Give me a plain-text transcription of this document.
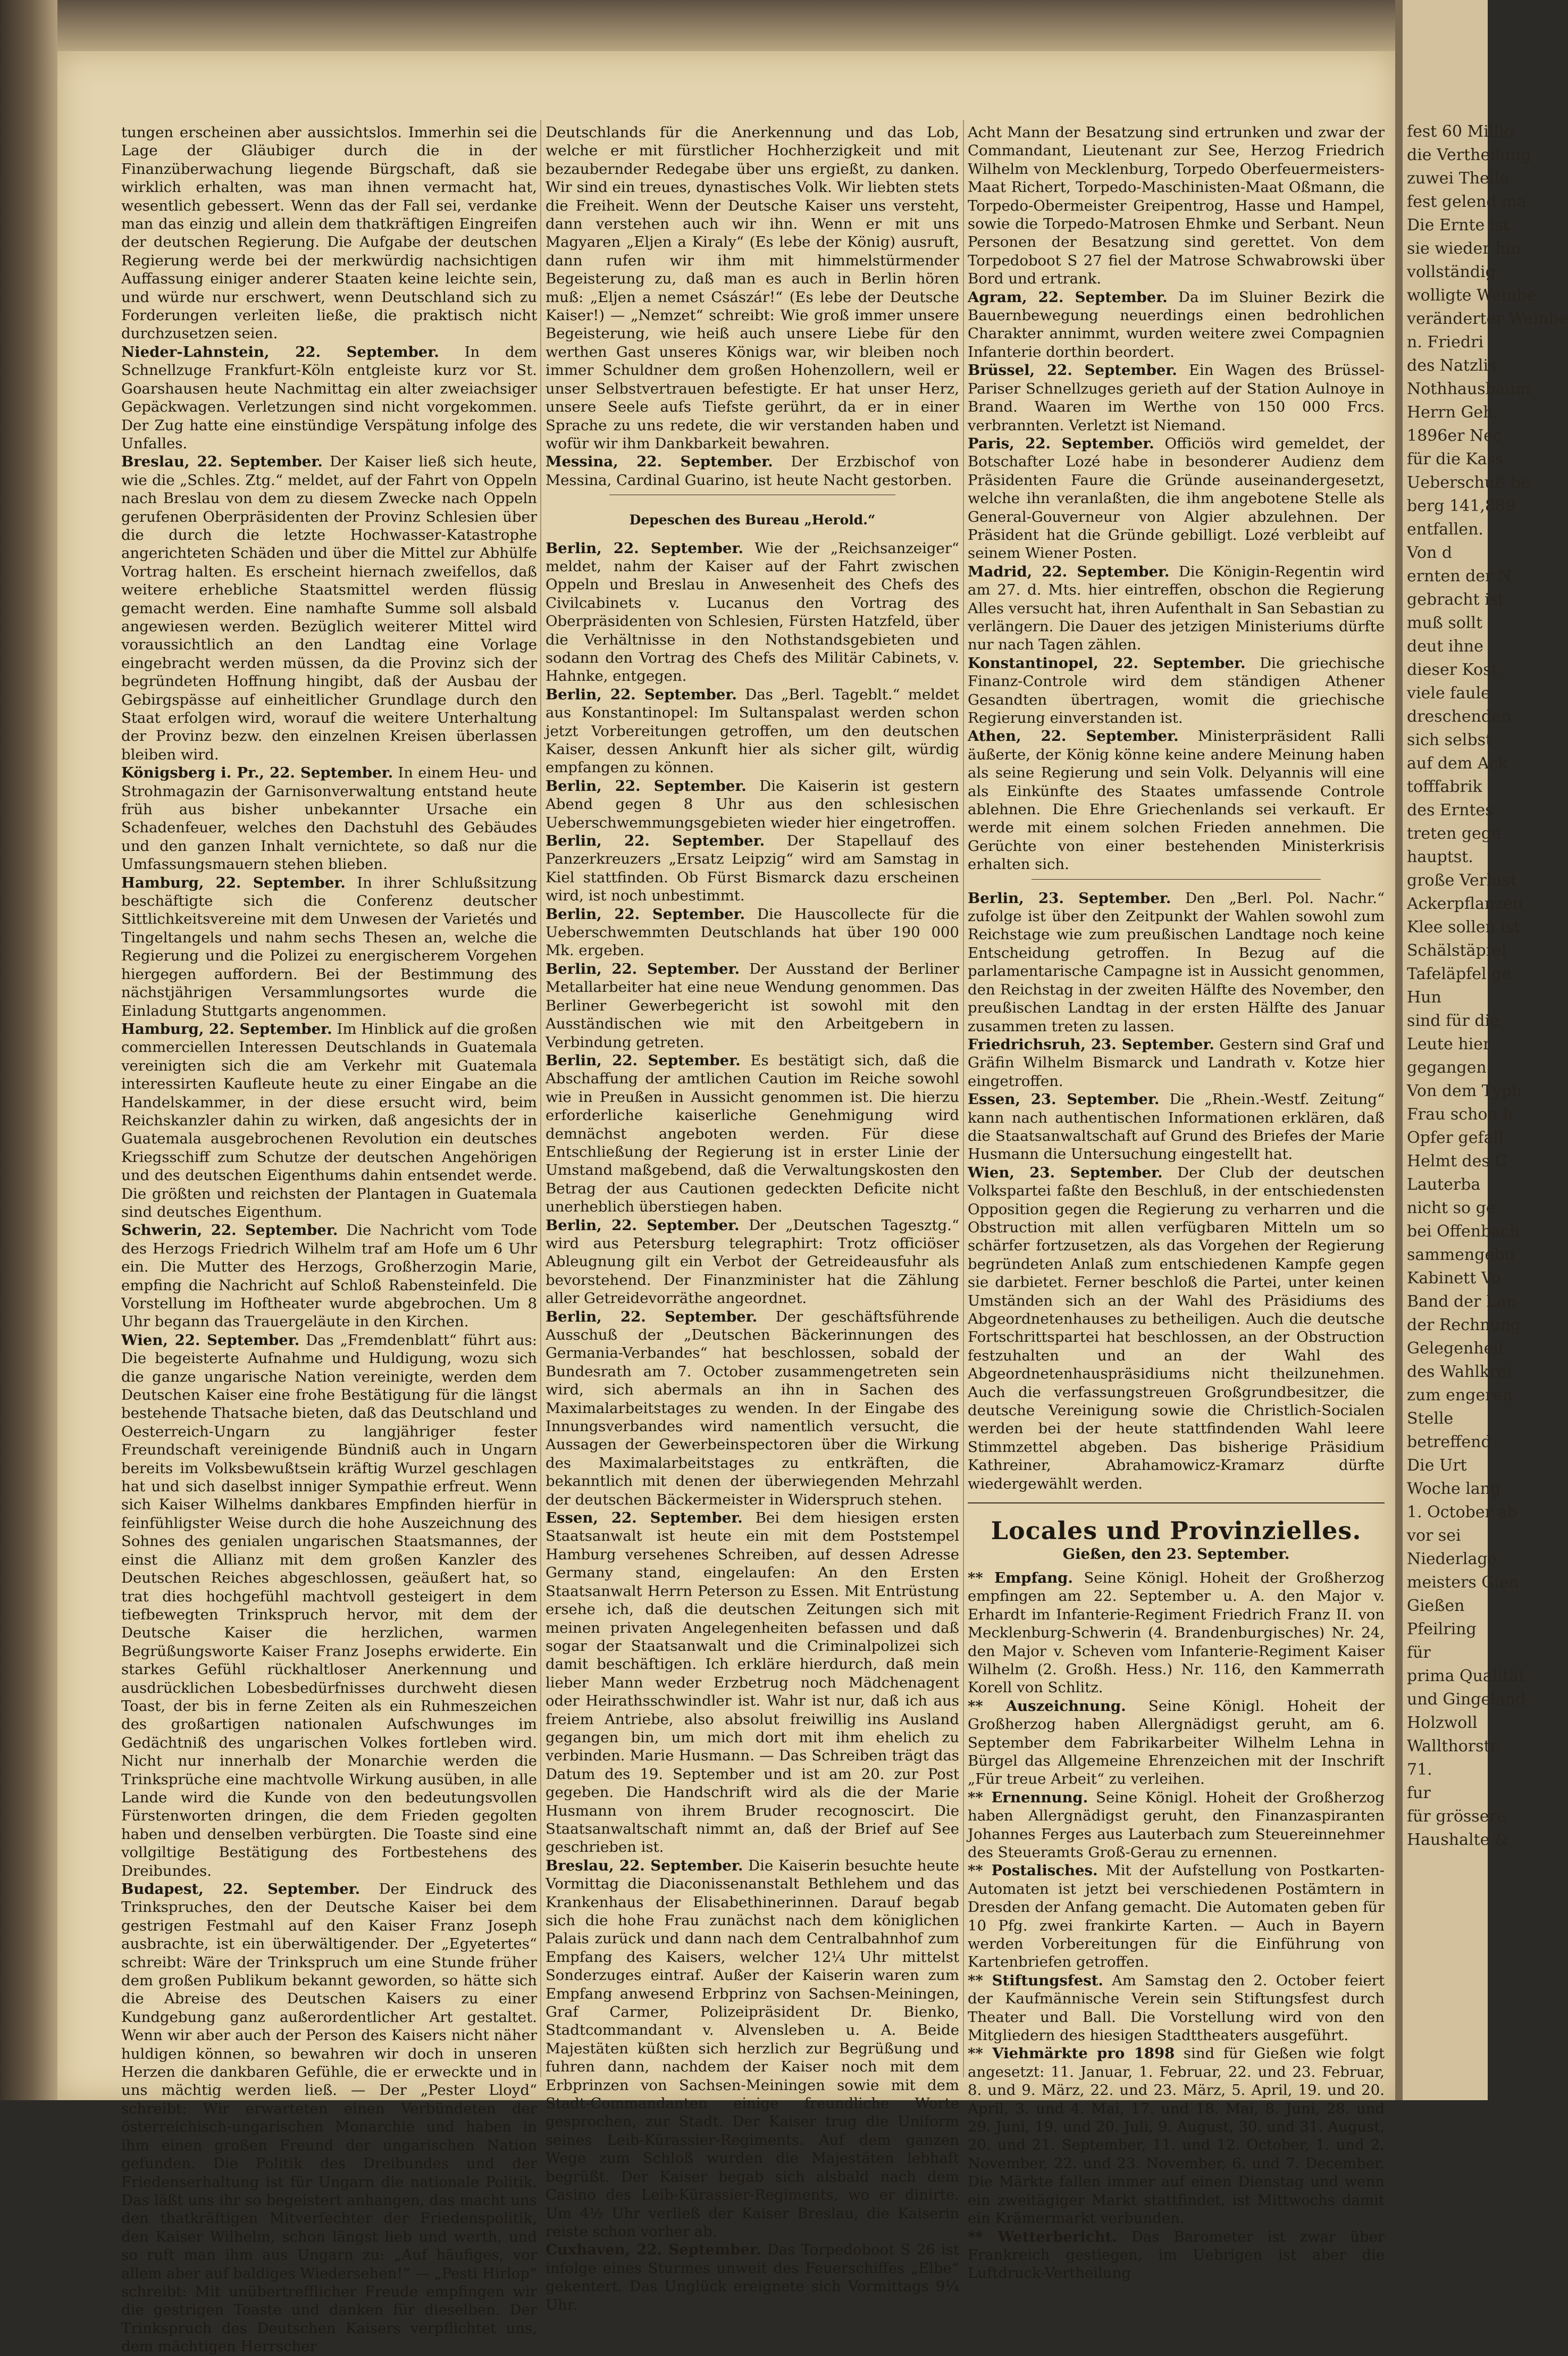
fest 60 Millio
die Vertheilung
zuwei Theile
fest gelend ma
Die Ernte ist
sie wieder hin
vollständig
wolligte Weinbe
veränderter Weinbe
n. Friedri
des Natzlis
Nothhausbaum
Herrn Geh.
1896er Nec
für die Kass
Ueberschuß be
berg 141,889
entfallen.
Von d
ernten der N
gebracht ist
muß sollt
deut ihne
dieser Kost
viele faule
dreschenden
sich selbst
auf dem Ack
tofffabrik
des Erntes
treten gege
hauptst.
große Verlust
Ackerpflanzen
Klee sollen ist
Schälstäpfel
Tafeläpfel ge
Hun
sind für die
Leute hier
gegangen.
Von dem Typh
Frau schon h
Opfer gefall
Helmt des C
Lauterba
nicht so ge
bei Offenbach
sammengebu
Kabinett Vo
Band der Lan
der Rechnung
Gelegenheit
des Wahlkrei
zum engeren
Stelle
betreffend
Die Urt
Woche lang
1. October ab
vor sei
Niederlage
meisters Gien
Gießen
Pfeilring
für
prima Qualität
und Gingeland
Holzwoll
Wallthorstr.
71.
fur
für grössere
Haushalte &

tungen erscheinen aber aussichtslos. Immerhin sei die Lage der Gläubiger durch die in der Finanzüberwachung liegende Bürgschaft, daß sie wirklich erhalten, was man ihnen vermacht hat, wesentlich gebessert. Wenn das der Fall sei, verdanke man das einzig und allein dem thatkräftigen Eingreifen der deutschen Regierung. Die Aufgabe der deutschen Regierung werde bei der merkwürdig nachsichtigen Auffassung einiger anderer Staaten keine leichte sein, und würde nur erschwert, wenn Deutschland sich zu Forderungen verleiten ließe, die praktisch nicht durchzusetzen seien.

Nieder-Lahnstein, 22. September. In dem Schnellzuge Frankfurt-Köln entgleiste kurz vor St. Goarshausen heute Nachmittag ein alter zweiachsiger Gepäckwagen. Verletzungen sind nicht vorgekommen. Der Zug hatte eine einstündige Verspätung infolge des Unfalles.

Breslau, 22. September. Der Kaiser ließ sich heute, wie die „Schles. Ztg.“ meldet, auf der Fahrt von Oppeln nach Breslau von dem zu diesem Zwecke nach Oppeln gerufenen Oberpräsidenten der Provinz Schlesien über die durch die letzte Hochwasser-Katastrophe angerichteten Schäden und über die Mittel zur Abhülfe Vortrag halten. Es erscheint hiernach zweifellos, daß weitere erhebliche Staatsmittel werden flüssig gemacht werden. Eine namhafte Summe soll alsbald angewiesen werden. Bezüglich weiterer Mittel wird voraussichtlich an den Landtag eine Vorlage eingebracht werden müssen, da die Provinz sich der begründeten Hoffnung hingibt, daß der Ausbau der Gebirgspässe auf einheitlicher Grundlage durch den Staat erfolgen wird, worauf die weitere Unterhaltung der Provinz bezw. den einzelnen Kreisen überlassen bleiben wird.

Königsberg i. Pr., 22. September. In einem Heu- und Strohmagazin der Garnisonverwaltung entstand heute früh aus bisher unbekannter Ursache ein Schadenfeuer, welches den Dachstuhl des Gebäudes und den ganzen Inhalt vernichtete, so daß nur die Umfassungsmauern stehen blieben.

Hamburg, 22. September. In ihrer Schlußsitzung beschäftigte sich die Conferenz deutscher Sittlichkeitsvereine mit dem Unwesen der Varietés und Tingeltangels und nahm sechs Thesen an, welche die Regierung und die Polizei zu energischerem Vorgehen hiergegen auffordern. Bei der Bestimmung des nächstjährigen Versammlungsortes wurde die Einladung Stuttgarts angenommen.

Hamburg, 22. September. Im Hinblick auf die großen commerciellen Interessen Deutschlands in Guatemala vereinigten sich die am Verkehr mit Guatemala interessirten Kaufleute heute zu einer Eingabe an die Handelskammer, in der diese ersucht wird, beim Reichskanzler dahin zu wirken, daß angesichts der in Guatemala ausgebrochenen Revolution ein deutsches Kriegsschiff zum Schutze der deutschen Angehörigen und des deutschen Eigenthums dahin entsendet werde. Die größten und reichsten der Plantagen in Guatemala sind deutsches Eigenthum.

Schwerin, 22. September. Die Nachricht vom Tode des Herzogs Friedrich Wilhelm traf am Hofe um 6 Uhr ein. Die Mutter des Herzogs, Großherzogin Marie, empfing die Nachricht auf Schloß Rabensteinfeld. Die Vorstellung im Hoftheater wurde abgebrochen. Um 8 Uhr begann das Trauergeläute in den Kirchen.

Wien, 22. September. Das „Fremdenblatt“ führt aus: Die begeisterte Aufnahme und Huldigung, wozu sich die ganze ungarische Nation vereinigte, werden dem Deutschen Kaiser eine frohe Bestätigung für die längst bestehende Thatsache bieten, daß das Deutschland und Oesterreich-Ungarn zu langjähriger fester Freundschaft vereinigende Bündniß auch in Ungarn bereits im Volksbewußtsein kräftig Wurzel geschlagen hat und sich daselbst inniger Sympathie erfreut. Wenn sich Kaiser Wilhelms dankbares Empfinden hierfür in feinfühligster Weise durch die hohe Auszeichnung des Sohnes des genialen ungarischen Staatsmannes, der einst die Allianz mit dem großen Kanzler des Deutschen Reiches abgeschlossen, geäußert hat, so trat dies hochgefühl machtvoll gesteigert in dem tiefbewegten Trinkspruch hervor, mit dem der Deutsche Kaiser die herzlichen, warmen Begrüßungsworte Kaiser Franz Josephs erwiderte. Ein starkes Gefühl rückhaltloser Anerkennung und ausdrücklichen Lobesbedürfnisses durchweht diesen Toast, der bis in ferne Zeiten als ein Ruhmeszeichen des großartigen nationalen Aufschwunges im Gedächtniß des ungarischen Volkes fortleben wird. Nicht nur innerhalb der Monarchie werden die Trinksprüche eine machtvolle Wirkung ausüben, in alle Lande wird die Kunde von den bedeutungsvollen Fürstenworten dringen, die dem Frieden gegolten haben und denselben verbürgten. Die Toaste sind eine vollgiltige Bestätigung des Fortbestehens des Dreibundes.

Budapest, 22. September. Der Eindruck des Trinkspruches, den der Deutsche Kaiser bei dem gestrigen Festmahl auf den Kaiser Franz Joseph ausbrachte, ist ein überwältigender. Der „Egyetertes“ schreibt: Wäre der Trinkspruch um eine Stunde früher dem großen Publikum bekannt geworden, so hätte sich die Abreise des Deutschen Kaisers zu einer Kundgebung ganz außerordentlicher Art gestaltet. Wenn wir aber auch der Person des Kaisers nicht näher huldigen können, so bewahren wir doch in unseren Herzen die dankbaren Gefühle, die er erweckte und in uns mächtig werden ließ. — Der „Pester Lloyd“ schreibt: Wir erwarteten einen Verbündeten der österreichisch-ungarischen Monarchie und haben in ihm einen großen Freund der ungarischen Nation gefunden. Die Politik des Dreibundes und der Friedenserhaltung ist für Ungarn die nationale Politik. Das läßt uns ihr so begeistert anhangen, das macht uns den thatkräftigen Mitverfechter der Friedenspolitik, den Kaiser Wilhelm, schon längst lieb und werth, und so ruft man ihm aus Ungarn zu: „Auf häufiges, vor allem aber auf baldiges Wiedersehen!“ — „Pesti Hirlop“ schreibt: Mit unübertrefflicher Freude empfingen wir die gestrigen Toaste und danken für dieselben. Der Trinkspruch des Deutschen Kaisers verpflichtet uns, dem mächtigen Herrscher

Deutschlands für die Anerkennung und das Lob, welche er mit fürstlicher Hochherzigkeit und mit bezaubernder Redegabe über uns ergießt, zu danken. Wir sind ein treues, dynastisches Volk. Wir liebten stets die Freiheit. Wenn der Deutsche Kaiser uns versteht, dann verstehen auch wir ihn. Wenn er mit uns Magyaren „Eljen a Kiraly“ (Es lebe der König) ausruft, dann rufen wir ihm mit himmelstürmender Begeisterung zu, daß man es auch in Berlin hören muß: „Eljen a nemet Császár!“ (Es lebe der Deutsche Kaiser!) — „Nemzet“ schreibt: Wie groß immer unsere Begeisterung, wie heiß auch unsere Liebe für den werthen Gast unseres Königs war, wir bleiben noch immer Schuldner dem großen Hohenzollern, weil er unser Selbstvertrauen befestigte. Er hat unser Herz, unsere Seele aufs Tiefste gerührt, da er in einer Sprache zu uns redete, die wir verstanden haben und wofür wir ihm Dankbarkeit bewahren.

Messina, 22. September. Der Erzbischof von Messina, Cardinal Guarino, ist heute Nacht gestorben.

Depeschen des Bureau „Herold.“

Berlin, 22. September. Wie der „Reichsanzeiger“ meldet, nahm der Kaiser auf der Fahrt zwischen Oppeln und Breslau in Anwesenheit des Chefs des Civilcabinets v. Lucanus den Vortrag des Oberpräsidenten von Schlesien, Fürsten Hatzfeld, über die Verhältnisse in den Nothstandsgebieten und sodann den Vortrag des Chefs des Militär Cabinets, v. Hahnke, entgegen.

Berlin, 22. September. Das „Berl. Tageblt.“ meldet aus Konstantinopel: Im Sultanspalast werden schon jetzt Vorbereitungen getroffen, um den deutschen Kaiser, dessen Ankunft hier als sicher gilt, würdig empfangen zu können.

Berlin, 22. September. Die Kaiserin ist gestern Abend gegen 8 Uhr aus den schlesischen Ueberschwemmungsgebieten wieder hier eingetroffen.

Berlin, 22. September. Der Stapellauf des Panzerkreuzers „Ersatz Leipzig“ wird am Samstag in Kiel stattfinden. Ob Fürst Bismarck dazu erscheinen wird, ist noch unbestimmt.

Berlin, 22. September. Die Hauscollecte für die Ueberschwemmten Deutschlands hat über 190 000 Mk. ergeben.

Berlin, 22. September. Der Ausstand der Berliner Metallarbeiter hat eine neue Wendung genommen. Das Berliner Gewerbegericht ist sowohl mit den Ausständischen wie mit den Arbeitgebern in Verbindung getreten.

Berlin, 22. September. Es bestätigt sich, daß die Abschaffung der amtlichen Caution im Reiche sowohl wie in Preußen in Aussicht genommen ist. Die hierzu erforderliche kaiserliche Genehmigung wird demnächst angeboten werden. Für diese Entschließung der Regierung ist in erster Linie der Umstand maßgebend, daß die Verwaltungskosten den Betrag der aus Cautionen gedeckten Deficite nicht unerheblich überstiegen haben.

Berlin, 22. September. Der „Deutschen Tagesztg.“ wird aus Petersburg telegraphirt: Trotz officiöser Ableugnung gilt ein Verbot der Getreideausfuhr als bevorstehend. Der Finanzminister hat die Zählung aller Getreidevorräthe angeordnet.

Berlin, 22. September. Der geschäftsführende Ausschuß der „Deutschen Bäckerinnungen des Germania-Verbandes“ hat beschlossen, sobald der Bundesrath am 7. October zusammengetreten sein wird, sich abermals an ihn in Sachen des Maximalarbeitstages zu wenden. In der Eingabe des Innungsverbandes wird namentlich versucht, die Aussagen der Gewerbeinspectoren über die Wirkung des Maximalarbeitstages zu entkräften, die bekanntlich mit denen der überwiegenden Mehrzahl der deutschen Bäckermeister in Widerspruch stehen.

Essen, 22. September. Bei dem hiesigen ersten Staatsanwalt ist heute ein mit dem Poststempel Hamburg versehenes Schreiben, auf dessen Adresse Germany stand, eingelaufen: An den Ersten Staatsanwalt Herrn Peterson zu Essen. Mit Entrüstung ersehe ich, daß die deutschen Zeitungen sich mit meinen privaten Angelegenheiten befassen und daß sogar der Staatsanwalt und die Criminalpolizei sich damit beschäftigen. Ich erkläre hierdurch, daß mein lieber Mann weder Erzbetrug noch Mädchenagent oder Heirathsschwindler ist. Wahr ist nur, daß ich aus freiem Antriebe, also absolut freiwillig ins Ausland gegangen bin, um mich dort mit ihm ehelich zu verbinden. Marie Husmann. — Das Schreiben trägt das Datum des 19. September und ist am 20. zur Post gegeben. Die Handschrift wird als die der Marie Husmann von ihrem Bruder recognoscirt. Die Staatsanwaltschaft nimmt an, daß der Brief auf See geschrieben ist.

Breslau, 22. September. Die Kaiserin besuchte heute Vormittag die Diaconissenanstalt Bethlehem und das Krankenhaus der Elisabethinerinnen. Darauf begab sich die hohe Frau zunächst nach dem königlichen Palais zurück und dann nach dem Centralbahnhof zum Empfang des Kaisers, welcher 12¼ Uhr mittelst Sonderzuges eintraf. Außer der Kaiserin waren zum Empfang anwesend Erbprinz von Sachsen-Meiningen, Graf Carmer, Polizeipräsident Dr. Bienko, Stadtcommandant v. Alvensleben u. A. Beide Majestäten küßten sich herzlich zur Begrüßung und fuhren dann, nachdem der Kaiser noch mit dem Erbprinzen von Sachsen-Meiningen sowie mit dem Stadt-Commandanten einige freundliche Worte gesprochen, zur Stadt. Der Kaiser trug die Uniform seines Leib-Kürassier-Regiments. Auf dem ganzen Wege zum Schloß wurden die Majestäten lebhaft begrüßt. Der Kaiser begab sich alsbald nach dem Casino des Leib-Kürassier-Regiments, wo er dinirte. Um 4½ Uhr verließ der Kaiser Breslau, die Kaiserin reiste schon vorher ab.

Cuxhaven, 22. September. Das Torpedoboot S 26 ist infolge eines Sturmes unweit des Feuerschiffes „Elbe“ gekentert. Das Unglück ereignete sich Vormittags 9¼ Uhr.

Acht Mann der Besatzung sind ertrunken und zwar der Commandant, Lieutenant zur See, Herzog Friedrich Wilhelm von Mecklenburg, Torpedo Oberfeuermeisters-Maat Richert, Torpedo-Maschinisten-Maat Oßmann, die Torpedo-Obermeister Greipentrog, Hasse und Hampel, sowie die Torpedo-Matrosen Ehmke und Serbant. Neun Personen der Besatzung sind gerettet. Von dem Torpedoboot S 27 fiel der Matrose Schwabrowski über Bord und ertrank.

Agram, 22. September. Da im Sluiner Bezirk die Bauernbewegung neuerdings einen bedrohlichen Charakter annimmt, wurden weitere zwei Compagnien Infanterie dorthin beordert.

Brüssel, 22. September. Ein Wagen des Brüssel-Pariser Schnellzuges gerieth auf der Station Aulnoye in Brand. Waaren im Werthe von 150 000 Frcs. verbrannten. Verletzt ist Niemand.

Paris, 22. September. Officiös wird gemeldet, der Botschafter Lozé habe in besonderer Audienz dem Präsidenten Faure die Gründe auseinandergesetzt, welche ihn veranlaßten, die ihm angebotene Stelle als General-Gouverneur von Algier abzulehnen. Der Präsident hat die Gründe gebilligt. Lozé verbleibt auf seinem Wiener Posten.

Madrid, 22. September. Die Königin-Regentin wird am 27. d. Mts. hier eintreffen, obschon die Regierung Alles versucht hat, ihren Aufenthalt in San Sebastian zu verlängern. Die Dauer des jetzigen Ministeriums dürfte nur nach Tagen zählen.

Konstantinopel, 22. September. Die griechische Finanz-Controle wird dem ständigen Athener Gesandten übertragen, womit die griechische Regierung einverstanden ist.

Athen, 22. September. Ministerpräsident Ralli äußerte, der König könne keine andere Meinung haben als seine Regierung und sein Volk. Delyannis will eine als Einkünfte des Staates umfassende Controle ablehnen. Die Ehre Griechenlands sei verkauft. Er werde mit einem solchen Frieden annehmen. Die Gerüchte von einer bestehenden Ministerkrisis erhalten sich.

Berlin, 23. September. Den „Berl. Pol. Nachr.“ zufolge ist über den Zeitpunkt der Wahlen sowohl zum Reichstage wie zum preußischen Landtage noch keine Entscheidung getroffen. In Bezug auf die parlamentarische Campagne ist in Aussicht genommen, den Reichstag in der zweiten Hälfte des November, den preußischen Landtag in der ersten Hälfte des Januar zusammen treten zu lassen.

Friedrichsruh, 23. September. Gestern sind Graf und Gräfin Wilhelm Bismarck und Landrath v. Kotze hier eingetroffen.

Essen, 23. September. Die „Rhein.-Westf. Zeitung“ kann nach authentischen Informationen erklären, daß die Staatsanwaltschaft auf Grund des Briefes der Marie Husmann die Untersuchung eingestellt hat.

Wien, 23. September. Der Club der deutschen Volkspartei faßte den Beschluß, in der entschiedensten Opposition gegen die Regierung zu verharren und die Obstruction mit allen verfügbaren Mitteln um so schärfer fortzusetzen, als das Vorgehen der Regierung begründeten Anlaß zum entschiedenen Kampfe gegen sie darbietet. Ferner beschloß die Partei, unter keinen Umständen sich an der Wahl des Präsidiums des Abgeordnetenhauses zu betheiligen. Auch die deutsche Fortschrittspartei hat beschlossen, an der Obstruction festzuhalten und an der Wahl des Abgeordnetenhauspräsidiums nicht theilzunehmen. Auch die verfassungstreuen Großgrundbesitzer, die deutsche Vereinigung sowie die Christlich-Socialen werden bei der heute stattfindenden Wahl leere Stimmzettel abgeben. Das bisherige Präsidium Kathreiner, Abrahamowicz-Kramarz dürfte wiedergewählt werden.

Locales und Provinzielles.
Gießen, den 23. September.

** Empfang. Seine Königl. Hoheit der Großherzog empfingen am 22. September u. A. den Major v. Erhardt im Infanterie-Regiment Friedrich Franz II. von Mecklenburg-Schwerin (4. Brandenburgisches) Nr. 24, den Major v. Scheven vom Infanterie-Regiment Kaiser Wilhelm (2. Großh. Hess.) Nr. 116, den Kammerrath Korell von Schlitz.

** Auszeichnung. Seine Königl. Hoheit der Großherzog haben Allergnädigst geruht, am 6. September dem Fabrikarbeiter Wilhelm Lehna in Bürgel das Allgemeine Ehrenzeichen mit der Inschrift „Für treue Arbeit“ zu verleihen.

** Ernennung. Seine Königl. Hoheit der Großherzog haben Allergnädigst geruht, den Finanzaspiranten Johannes Ferges aus Lauterbach zum Steuereinnehmer des Steueramts Groß-Gerau zu ernennen.

** Postalisches. Mit der Aufstellung von Postkarten-Automaten ist jetzt bei verschiedenen Postämtern in Dresden der Anfang gemacht. Die Automaten geben für 10 Pfg. zwei frankirte Karten. — Auch in Bayern werden Vorbereitungen für die Einführung von Kartenbriefen getroffen.

** Stiftungsfest. Am Samstag den 2. October feiert der Kaufmännische Verein sein Stiftungsfest durch Theater und Ball. Die Vorstellung wird von den Mitgliedern des hiesigen Stadttheaters ausgeführt.

** Viehmärkte pro 1898 sind für Gießen wie folgt angesetzt: 11. Januar, 1. Februar, 22. und 23. Februar, 8. und 9. März, 22. und 23. März, 5. April, 19. und 20. April, 3. und 4. Mai, 17. und 18. Mai, 8. Juni, 28. und 29. Juni, 19. und 20. Juli, 9. August, 30. und 31. August, 20. und 21. September, 11. und 12. October, 1. und 2. November, 22. und 23. November, 6. und 7. December. Die Märkte fallen immer auf einen Dienstag und wenn ein zweitägiger Markt stattfindet, ist Mittwochs damit ein Krämermarkt verbunden.

** Wetterbericht. Das Barometer ist zwar über Frankreich gestiegen, im Uebrigen ist aber die Luftdruck-Vertheilung
